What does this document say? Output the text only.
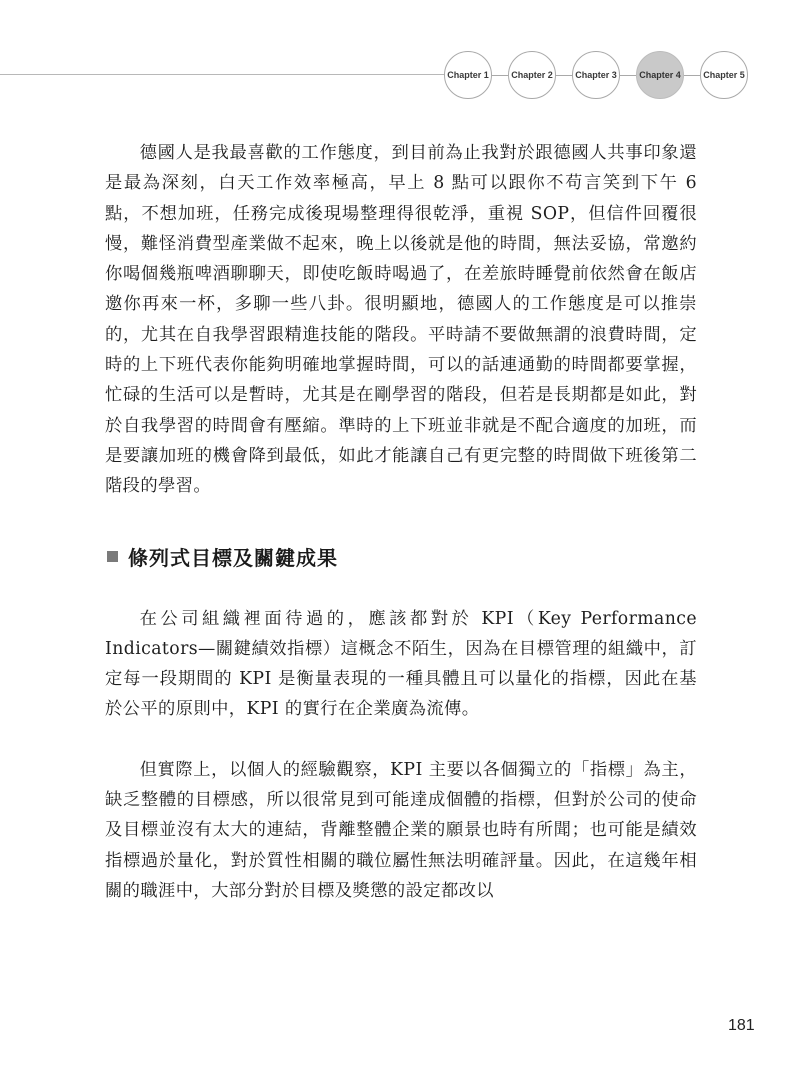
Chapter 1	Chapter 2	Chapter 3	Chapter 4	Chapter 5

德國人是我最喜歡的工作態度，到目前為止我對於跟德國人共事印象還是最為深刻，白天工作效率極高，早上 8 點可以跟你不苟言笑到下午 6 點，不想加班，任務完成後現場整理得很乾淨，重視 SOP，但信件回覆很慢，難怪消費型產業做不起來，晚上以後就是他的時間，無法妥協，常邀約你喝個幾瓶啤酒聊聊天，即使吃飯時喝過了，在差旅時睡覺前依然會在飯店邀你再來一杯，多聊一些八卦。很明顯地，德國人的工作態度是可以推崇的，尤其在自我學習跟精進技能的階段。平時請不要做無謂的浪費時間，定時的上下班代表你能夠明確地掌握時間，可以的話連通勤的時間都要掌握，忙碌的生活可以是暫時，尤其是在剛學習的階段，但若是長期都是如此，對於自我學習的時間會有壓縮。準時的上下班並非就是不配合適度的加班，而是要讓加班的機會降到最低，如此才能讓自己有更完整的時間做下班後第二階段的學習。

條列式目標及關鍵成果

在公司組織裡面待過的，應該都對於 KPI（Key Performance Indicators—關鍵績效指標）這概念不陌生，因為在目標管理的組織中，訂定每一段期間的 KPI 是衡量表現的一種具體且可以量化的指標，因此在基於公平的原則中，KPI 的實行在企業廣為流傳。

但實際上，以個人的經驗觀察，KPI 主要以各個獨立的「指標」為主，缺乏整體的目標感，所以很常見到可能達成個體的指標，但對於公司的使命及目標並沒有太大的連結，背離整體企業的願景也時有所聞；也可能是績效指標過於量化，對於質性相關的職位屬性無法明確評量。因此，在這幾年相關的職涯中，大部分對於目標及獎懲的設定都改以

181
